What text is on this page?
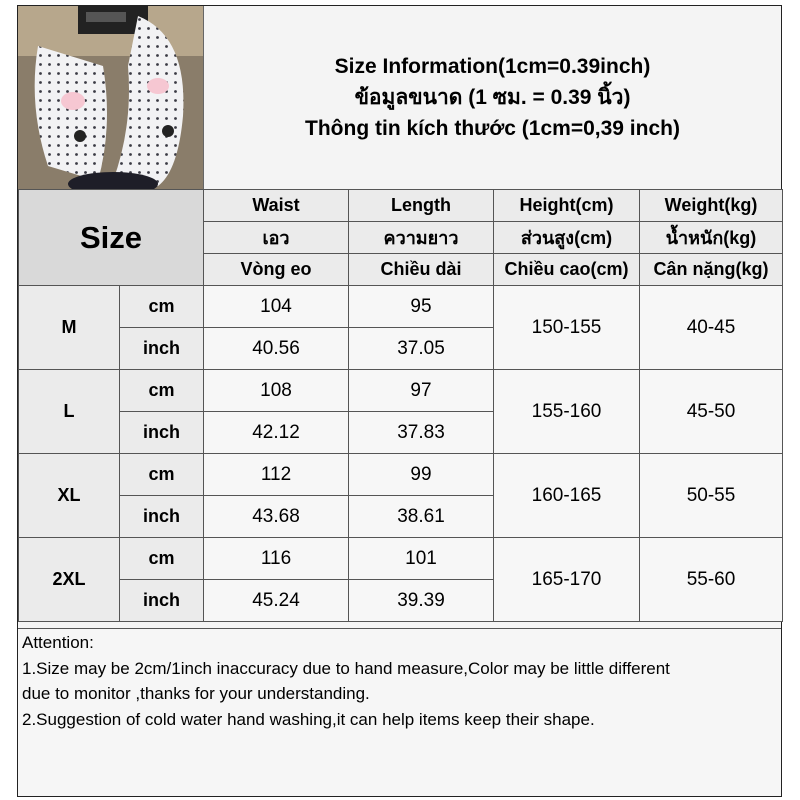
Size Information(1cm=0.39inch)
ข้อมูลขนาด (1 ซม. = 0.39 นิ้ว)
Thông tin kích thước (1cm=0,39 inch)
Size		Waist	Length	Height(cm)	Weight(kg)
		เอว	ความยาว	ส่วนสูง(cm)	น้ำหนัก(kg)
		Vòng eo	Chiều dài	Chiều cao(cm)	Cân nặng(kg)
M	cm	104	95	150-155	40-45
	inch	40.56	37.05		
L	cm	108	97	155-160	45-50
	inch	42.12	37.83		
XL	cm	112	99	160-165	50-55
	inch	43.68	38.61		
2XL	cm	116	101	165-170	55-60
	inch	45.24	39.39		
Attention:
1.Size may be 2cm/1inch inaccuracy due to hand measure,Color may be little different
due to monitor ,thanks for your understanding.
2.Suggestion of cold water hand washing,it can help items keep their shape.
